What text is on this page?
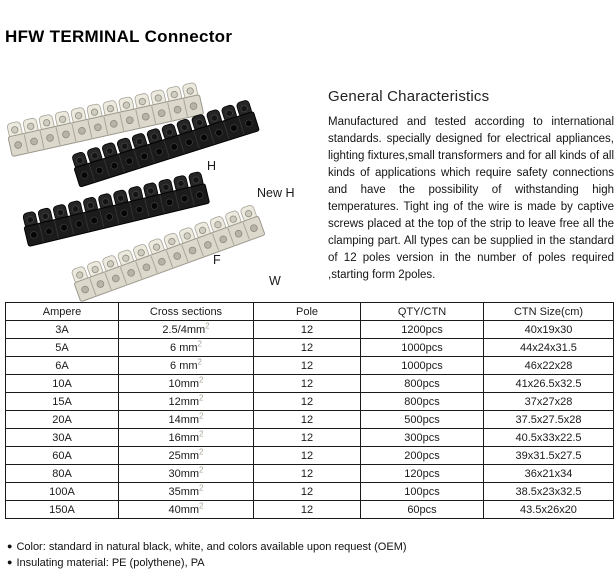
HFW TERMINAL Connector
H
New H
F
W
General Characteristics
Manufactured and tested according to international standards. specially designed for electrical appliances, lighting fixtures,small transformers and for all kinds of all kinds of applications which require safety connections and have the possibility of withstanding high temperatures. Tight ing of the wire is made by captive screws placed at the top of the strip to leave free all the clamping part. All types can be supplied in the standard of 12 poles version in the number of poles required ,starting form 2poles.
Ampere	Cross sections	Pole	QTY/CTN	CTN Size(cm)
3A	$2.5/4mm^2$	12	1200pcs	40x19x30
5A	6 $mm^2$	12	1000pcs	44x24x31.5
6A	6 $mm^2$	12	1000pcs	46x22x28
10A	$10mm^2$	12	800pcs	41x26.5x32.5
15A	$12mm^2$	12	800pcs	37x27x28
20A	$14mm^2$	12	500pcs	37.5x27.5x28
30A	$16mm^2$	12	300pcs	40.5x33x22.5
60A	$25mm^2$	12	200pcs	39x31.5x27.5
80A	$30mm^2$	12	120pcs	36x21x34
100A	$35mm^2$	12	100pcs	38.5x23x32.5
150A	$40mm^2$	12	60pcs	43.5x26x20
● Color: standard in natural black, white, and colors available upon request (OEM)
● Insulating material: PE (polythene), PA
